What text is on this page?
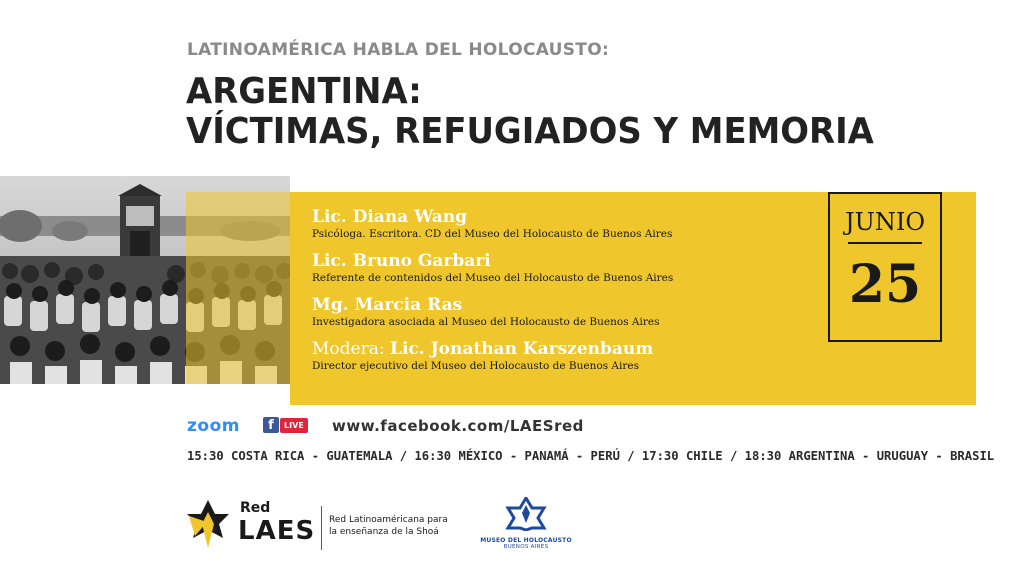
LATINOAMÉRICA HABLA DEL HOLOCAUSTO:
ARGENTINA:
VÍCTIMAS, REFUGIADOS Y MEMORIA
Lic. Diana Wang
Psicóloga. Escritora. CD del Museo del Holocausto de Buenos Aires
Lic. Bruno Garbari
Referente de contenidos del Museo del Holocausto de Buenos Aires
Mg. Marcia Ras
Investigadora asociada al Museo del Holocausto de Buenos Aires
Modera: Lic. Jonathan Karszenbaum
Director ejecutivo del Museo del Holocausto de Buenos Aires
JUNIO
25
zoom	f	LIVE www.facebook.com/LAESred
15:30 COSTA RICA - GUATEMALA / 16:30 MÉXICO - PANAMÁ - PERÚ / 17:30 CHILE / 18:30 ARGENTINA - URUGUAY - BRASIL
Red
LAES Red Latinoaméricana para
la enseñanza de la Shoá
MUSEO DEL HOLOCAUSTO
BUENOS AIRES
